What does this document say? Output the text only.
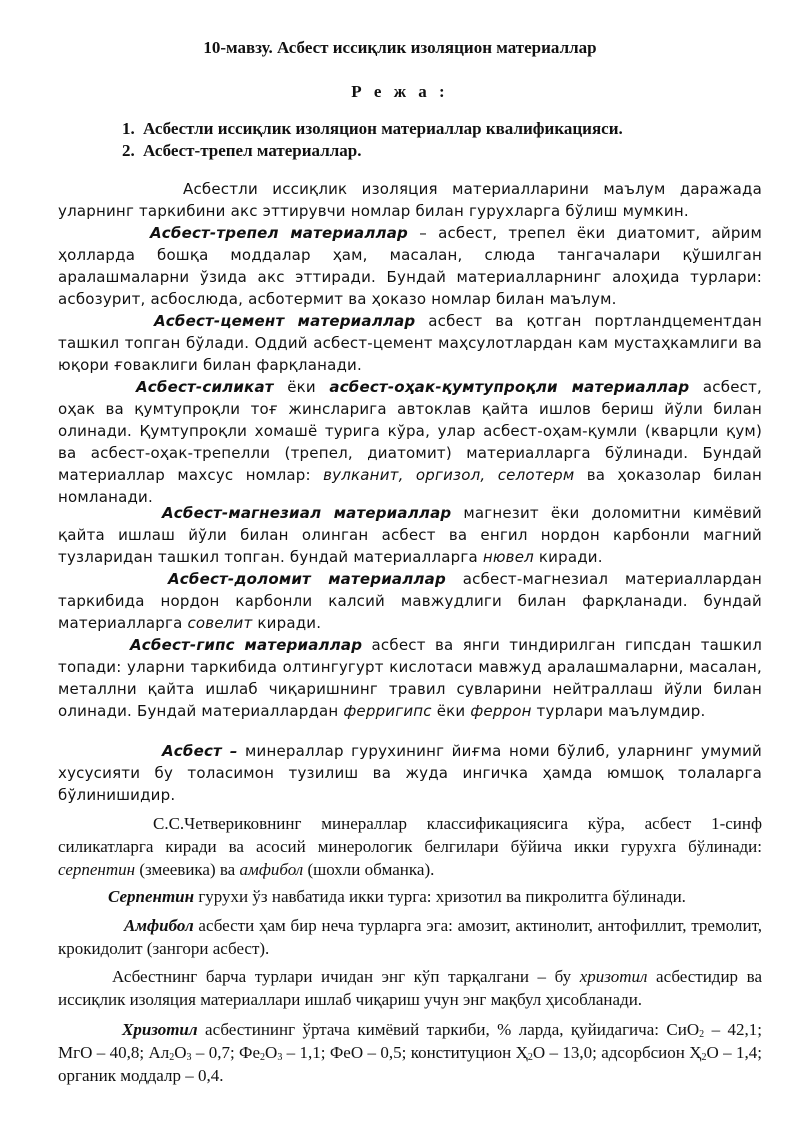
10-мавзу. Асбест иссиқлик изоляцион материаллар
Р е ж а :
1. Асбестли иссиқлик изоляцион материаллар квалификацияси.
2. Асбест-трепел материаллар.

Асбестли иссиқлик изоляция материалларини маълум даражада уларнинг таркибини акс эттирувчи номлар билан гурухларга бўлиш мумкин.

Асбест-трепел материаллар – асбест, трепел ёки диатомит, айрим ҳолларда бошқа моддалар ҳам, масалан, слюда тангачалари қўшилган аралашмаларни ўзида акс эттиради. Бундай материалларнинг алоҳида турлари: асбозурит, асбослюда, асботермит ва ҳоказо номлар билан маълум.

Асбест-цемент материаллар асбест ва қотган портландцементдан ташкил топган бўлади. Оддий асбест-цемент маҳсулотлардан кам мустаҳкамлиги ва юқори ғоваклиги билан фарқланади.

Асбест-силикат ёки асбест-оҳак-қумтупроқли материаллар асбест, оҳак ва қумтупроқли тоғ жинсларига автоклав қайта ишлов бериш йўли билан олинади. Қумтупроқли хомашё турига кўра, улар асбест-оҳам-қумли (кварцли қум) ва асбест-оҳак-трепелли (трепел, диатомит) материалларга бўлинади. Бундай материаллар махсус номлар: вулканит, оргизол, селотерм ва ҳоказолар билан номланади.

Асбест-магнезиал материаллар магнезит ёки доломитни кимёвий қайта ишлаш йўли билан олинган асбест ва енгил нордон карбонли магний тузларидан ташкил топган. бундай материалларга нювел киради.

Асбест-доломит материаллар асбест-магнезиал материаллардан таркибида нордон карбонли калсий мавжудлиги билан фарқланади. бундай материалларга совелит киради.

Асбест-гипс материаллар асбест ва янги тиндирилган гипсдан ташкил топади: уларни таркибида олтингугурт кислотаси мавжуд аралашмаларни, масалан, металлни қайта ишлаб чиқаришнинг травил сувларини нейтраллаш йўли билан олинади. Бундай материаллардан ферригипс ёки феррон турлари маълумдир.

Асбест – минераллар гурухининг йиғма номи бўлиб, уларнинг умумий хусусияти бу толасимон тузилиш ва жуда ингичка ҳамда юмшоқ толаларга бўлинишидир.

С.С.Четвериковнинг минераллар классификациясига кўра, асбест 1-синф силикатларга киради ва асосий минерологик белгилари бўйича икки гурухга бўлинади: серпентин (змеевика) ва амфибол (шохли обманка).

Серпентин гурухи ўз навбатида икки турга: хризотил ва пикролитга бўлинади.

Амфибол асбести ҳам бир неча турларга эга: амозит, актинолит, антофиллит, тремолит, крокидолит (зангори асбест).

Асбестнинг барча турлари ичидан энг кўп тарқалгани – бу хризотил асбестидир ва иссиқлик изоляция материаллари ишлаб чиқариш учун энг мақбул ҳисобланади.

Хризотил асбестининг ўртача кимёвий таркиби, % ларда, қуйидагича: СиО$_2$ – 42,1; МгО – 40,8; $Ал_2О_3 - 0,7$; $Фе_2О_3 - 1,1$; ФеО – 0,5; конституцион $Ҳ_2О - 13,0$; адсорбсион $Ҳ_2О - 1,4$; органик моддалр – 0,4.
